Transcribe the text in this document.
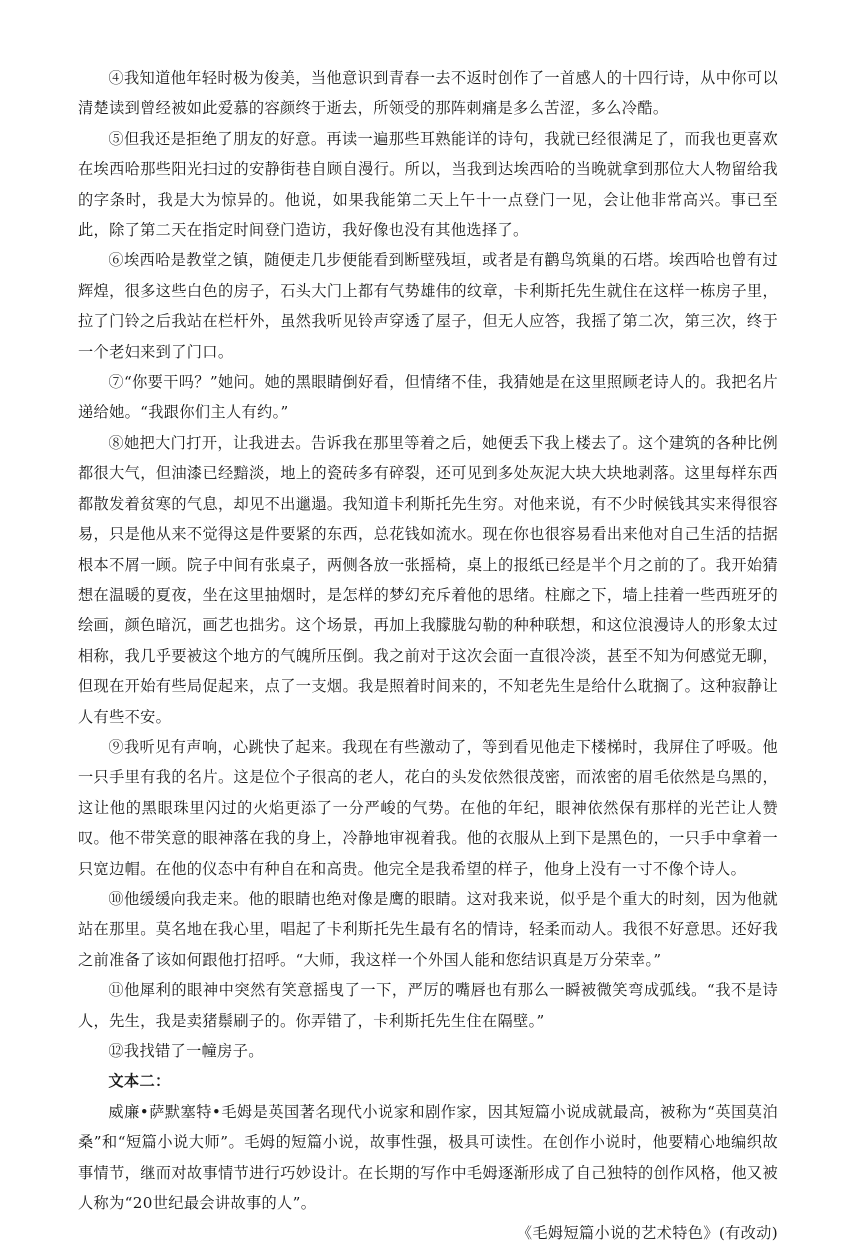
④我知道他年轻时极为俊美，当他意识到青春一去不返时创作了一首感人的十四行诗，从中你可以清楚读到曾经被如此爱慕的容颜终于逝去，所领受的那阵刺痛是多么苦涩，多么冷酷。

⑤但我还是拒绝了朋友的好意。再读一遍那些耳熟能详的诗句，我就已经很满足了，而我也更喜欢在埃西哈那些阳光扫过的安静街巷自顾自漫行。所以，当我到达埃西哈的当晚就拿到那位大人物留给我的字条时，我是大为惊异的。他说，如果我能第二天上午十一点登门一见，会让他非常高兴。事已至此，除了第二天在指定时间登门造访，我好像也没有其他选择了。

⑥埃西哈是教堂之镇，随便走几步便能看到断壁残垣，或者是有鹳鸟筑巢的石塔。埃西哈也曾有过辉煌，很多这些白色的房子，石头大门上都有气势雄伟的纹章，卡利斯托先生就住在这样一栋房子里，拉了门铃之后我站在栏杆外，虽然我听见铃声穿透了屋子，但无人应答，我摇了第二次，第三次，终于一个老妇来到了门口。

⑦“你要干吗？”她问。她的黑眼睛倒好看，但情绪不佳，我猜她是在这里照顾老诗人的。我把名片递给她。“我跟你们主人有约。”

⑧她把大门打开，让我进去。告诉我在那里等着之后，她便丢下我上楼去了。这个建筑的各种比例都很大气，但油漆已经黯淡，地上的瓷砖多有碎裂，还可见到多处灰泥大块大块地剥落。这里每样东西都散发着贫寒的气息，却见不出邋遢。我知道卡利斯托先生穷。对他来说，有不少时候钱其实来得很容易，只是他从来不觉得这是件要紧的东西，总花钱如流水。现在你也很容易看出来他对自己生活的拮据根本不屑一顾。院子中间有张桌子，两侧各放一张摇椅，桌上的报纸已经是半个月之前的了。我开始猜想在温暖的夏夜，坐在这里抽烟时，是怎样的梦幻充斥着他的思绪。柱廊之下，墙上挂着一些西班牙的绘画，颜色暗沉，画艺也拙劣。这个场景，再加上我朦胧勾勒的种种联想，和这位浪漫诗人的形象太过相称，我几乎要被这个地方的气魄所压倒。我之前对于这次会面一直很冷淡，甚至不知为何感觉无聊，但现在开始有些局促起来，点了一支烟。我是照着时间来的，不知老先生是给什么耽搁了。这种寂静让人有些不安。

⑨我听见有声响，心跳快了起来。我现在有些激动了，等到看见他走下楼梯时，我屏住了呼吸。他一只手里有我的名片。这是位个子很高的老人，花白的头发依然很茂密，而浓密的眉毛依然是乌黑的，这让他的黑眼珠里闪过的火焰更添了一分严峻的气势。在他的年纪，眼神依然保有那样的光芒让人赞叹。他不带笑意的眼神落在我的身上，冷静地审视着我。他的衣服从上到下是黑色的，一只手中拿着一只宽边帽。在他的仪态中有种自在和高贵。他完全是我希望的样子，他身上没有一寸不像个诗人。

⑩他缓缓向我走来。他的眼睛也绝对像是鹰的眼睛。这对我来说，似乎是个重大的时刻，因为他就站在那里。莫名地在我心里，唱起了卡利斯托先生最有名的情诗，轻柔而动人。我很不好意思。还好我之前准备了该如何跟他打招呼。“大师，我这样一个外国人能和您结识真是万分荣幸。”

⑪他犀利的眼神中突然有笑意摇曳了一下，严厉的嘴唇也有那么一瞬被微笑弯成弧线。“我不是诗人，先生，我是卖猪鬃刷子的。你弄错了，卡利斯托先生住在隔壁。”

⑫我找错了一幢房子。

文本二：

威廉•萨默塞特•毛姆是英国著名现代小说家和剧作家，因其短篇小说成就最高，被称为“英国莫泊桑”和“短篇小说大师”。毛姆的短篇小说，故事性强，极具可读性。在创作小说时，他要精心地编织故事情节，继而对故事情节进行巧妙设计。在长期的写作中毛姆逐渐形成了自己独特的创作风格，他又被人称为“20世纪最会讲故事的人”。

《毛姆短篇小说的艺术特色》(有改动)
